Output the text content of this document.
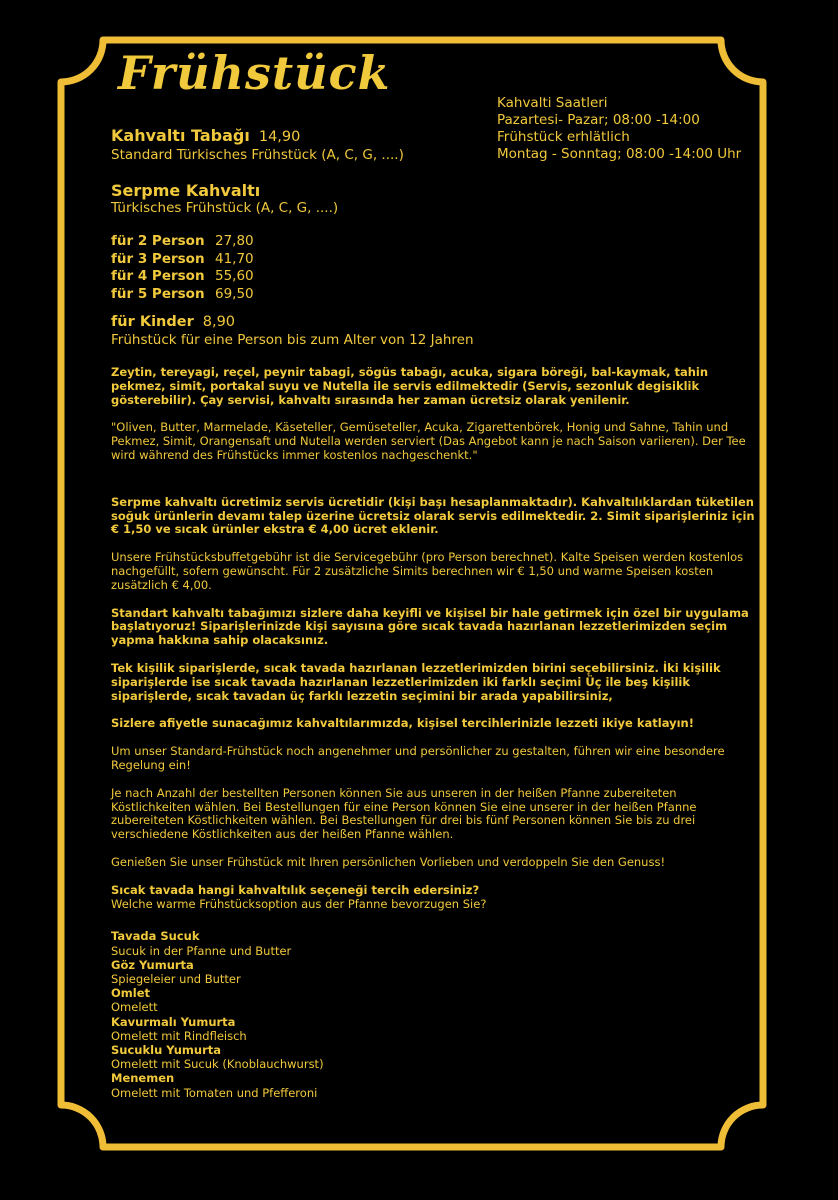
Frühstück
Kahvalti Saatleri
Pazartesi- Pazar; 08:00 -14:00
Frühstück erhlätlich
Montag - Sonntag; 08:00 -14:00 Uhr
Kahvaltı Tabağı 14,90
Standard Türkisches Frühstück (A, C, G, ....)
Serpme Kahvaltı
Türkisches Frühstück (A, C, G, ....)
für 2 Person 27,80
für 3 Person 41,70
für 4 Person 55,60
für 5 Person 69,50
für Kinder 8,90
Frühstück für eine Person bis zum Alter von 12 Jahren
Zeytin, tereyagi, reçel, peynir tabagi, sögüs tabağı, acuka, sigara böreği, bal-kaymak, tahin pekmez, simit, portakal suyu ve Nutella ile servis edilmektedir (Servis, sezonluk degisiklik gösterebilir). Çay servisi, kahvaltı sırasında her zaman ücretsiz olarak yenilenir.
"Oliven, Butter, Marmelade, Käseteller, Gemüseteller, Acuka, Zigarettenbörek, Honig und Sahne, Tahin und Pekmez, Simit, Orangensaft und Nutella werden serviert (Das Angebot kann je nach Saison variieren). Der Tee wird während des Frühstücks immer kostenlos nachgeschenkt."
Serpme kahvaltı ücretimiz servis ücretidir (kişi başı hesaplanmaktadır). Kahvaltılıklardan tüketilen soğuk ürünlerin devamı talep üzerine ücretsiz olarak servis edilmektedir. 2. Simit siparişleriniz için € 1,50 ve sıcak ürünler ekstra € 4,00 ücret eklenir.
Unsere Frühstücksbuffetgebühr ist die Servicegebühr (pro Person berechnet). Kalte Speisen werden kostenlos nachgefüllt, sofern gewünscht. Für 2 zusätzliche Simits berechnen wir € 1,50 und warme Speisen kosten zusätzlich € 4,00.
Standart kahvaltı tabağımızı sizlere daha keyifli ve kişisel bir hale getirmek için özel bir uygulama başlatıyoruz! Siparişlerinizde kişi sayısına göre sıcak tavada hazırlanan lezzetlerimizden seçim yapma hakkına sahip olacaksınız.
Tek kişilik siparişlerde, sıcak tavada hazırlanan lezzetlerimizden birini seçebilirsiniz. İki kişilik siparişlerde ise sıcak tavada hazırlanan lezzetlerimizden iki farklı seçimi Üç ile beş kişilik siparişlerde, sıcak tavadan üç farklı lezzetin seçimini bir arada yapabilirsiniz,
Sizlere afiyetle sunacağımız kahvaltılarımızda, kişisel tercihlerinizle lezzeti ikiye katlayın!
Um unser Standard-Frühstück noch angenehmer und persönlicher zu gestalten, führen wir eine besondere Regelung ein!
Je nach Anzahl der bestellten Personen können Sie aus unseren in der heißen Pfanne zubereiteten Köstlichkeiten wählen. Bei Bestellungen für eine Person können Sie eine unserer in der heißen Pfanne zubereiteten Köstlichkeiten wählen. Bei Bestellungen für drei bis fünf Personen können Sie bis zu drei verschiedene Köstlichkeiten aus der heißen Pfanne wählen.
Genießen Sie unser Frühstück mit Ihren persönlichen Vorlieben und verdoppeln Sie den Genuss!
Sıcak tavada hangi kahvaltılık seçeneği tercih edersiniz?
Welche warme Frühstücksoption aus der Pfanne bevorzugen Sie?
Tavada Sucuk
Sucuk in der Pfanne und Butter
Göz Yumurta
Spiegeleier und Butter
Omlet
Omelett
Kavurmalı Yumurta
Omelett mit Rindfleisch
Sucuklu Yumurta
Omelett mit Sucuk (Knoblauchwurst)
Menemen
Omelett mit Tomaten und Pfefferoni
